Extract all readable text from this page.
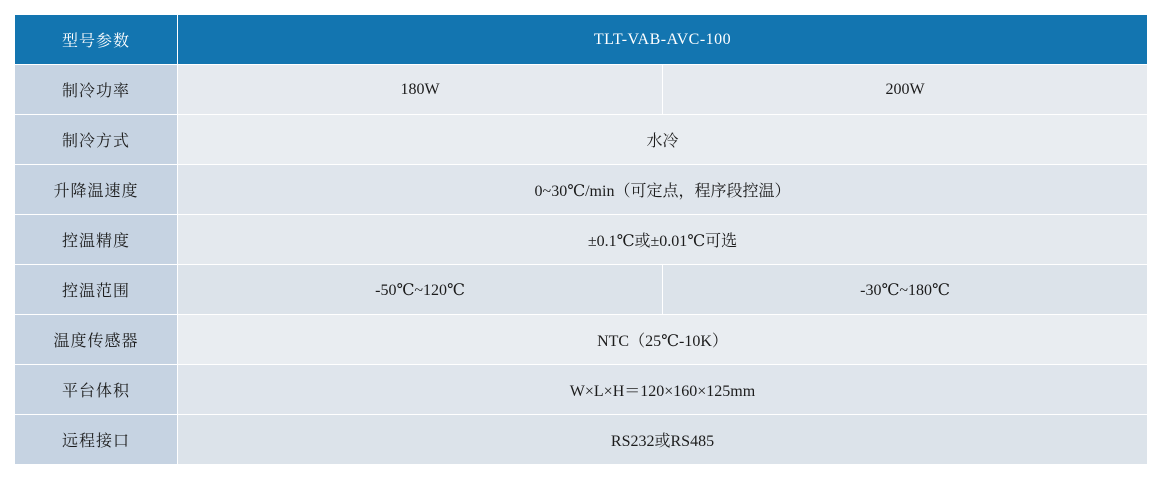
型号参数	TLT-VAB-AVC-100	
制冷功率	180W	200W
制冷方式	水冷	
升降温速度	0~30℃/min（可定点，程序段控温）	
控温精度	±0.1℃或±0.01℃可选	
控温范围	-50℃~120℃	-30℃~180℃
温度传感器	NTC（25℃-10K）	
平台体积	W×L×H＝120×160×125mm	
远程接口	RS232或RS485	
